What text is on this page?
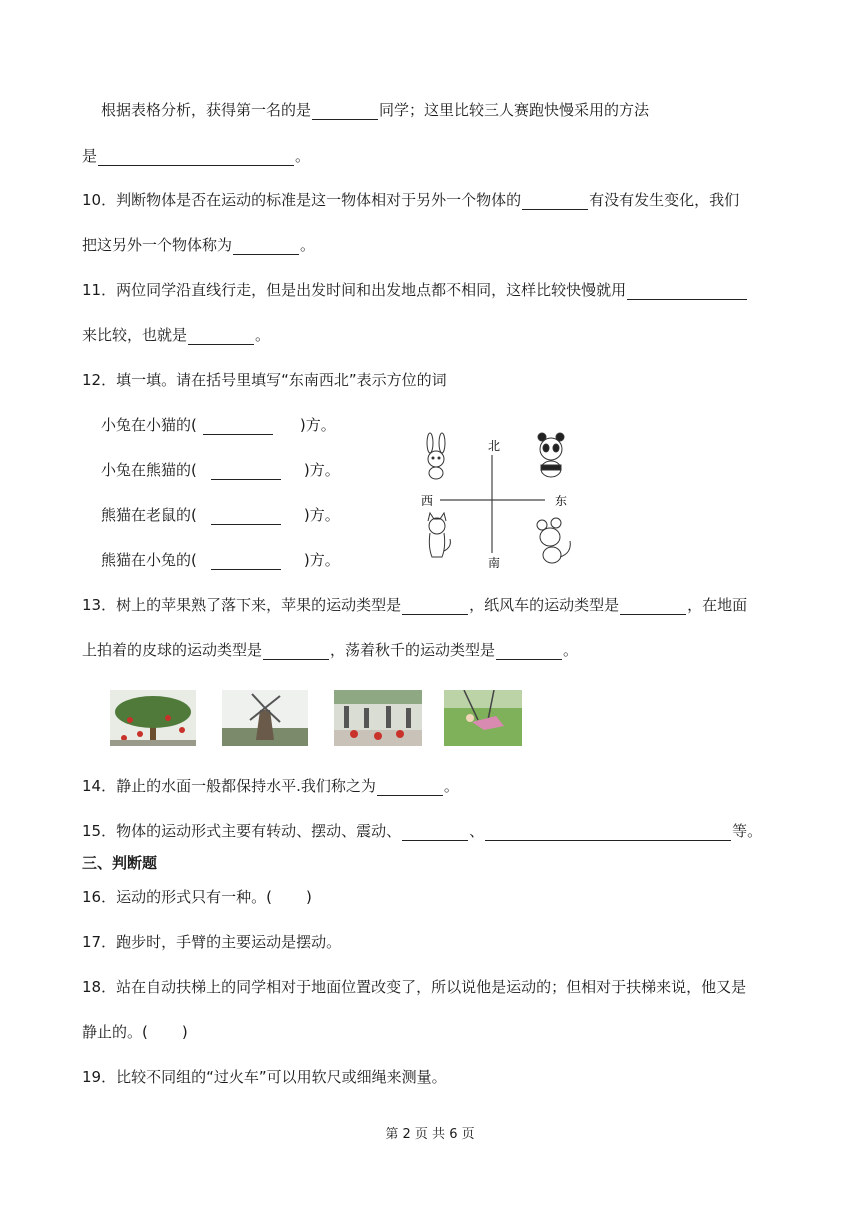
根据表格分析，获得第一名的是	同学；这里比较三人赛跑快慢采用的方法
是	。
10．判断物体是否在运动的标准是这一物体相对于另外一个物体的	有没有发生变化，我们
把这另外一个物体称为	。
11．两位同学沿直线行走，但是出发时间和出发地点都不相同，这样比较快慢就用
来比较，也就是	。
12．填一填。请在括号里填写“东南西北”表示方位的词
小兔在小猫的(	)方。
小兔在熊猫的(	)方。
熊猫在老鼠的(	)方。
熊猫在小兔的(	)方。
北
南
西	东
13．树上的苹果熟了落下来，苹果的运动类型是	，纸风车的运动类型是	，在地面
上拍着的皮球的运动类型是	，荡着秋千的运动类型是	。
14．静止的水面一般都保持水平.我们称之为	。
15．物体的运动形式主要有转动、摆动、震动、	、	等。
三、判断题
16．运动的形式只有一种。( )
17．跑步时，手臂的主要运动是摆动。
18．站在自动扶梯上的同学相对于地面位置改变了，所以说他是运动的；但相对于扶梯来说，他又是
静止的。( )
19．比较不同组的“过火车”可以用软尺或细绳来测量。
第 2 页 共 6 页
